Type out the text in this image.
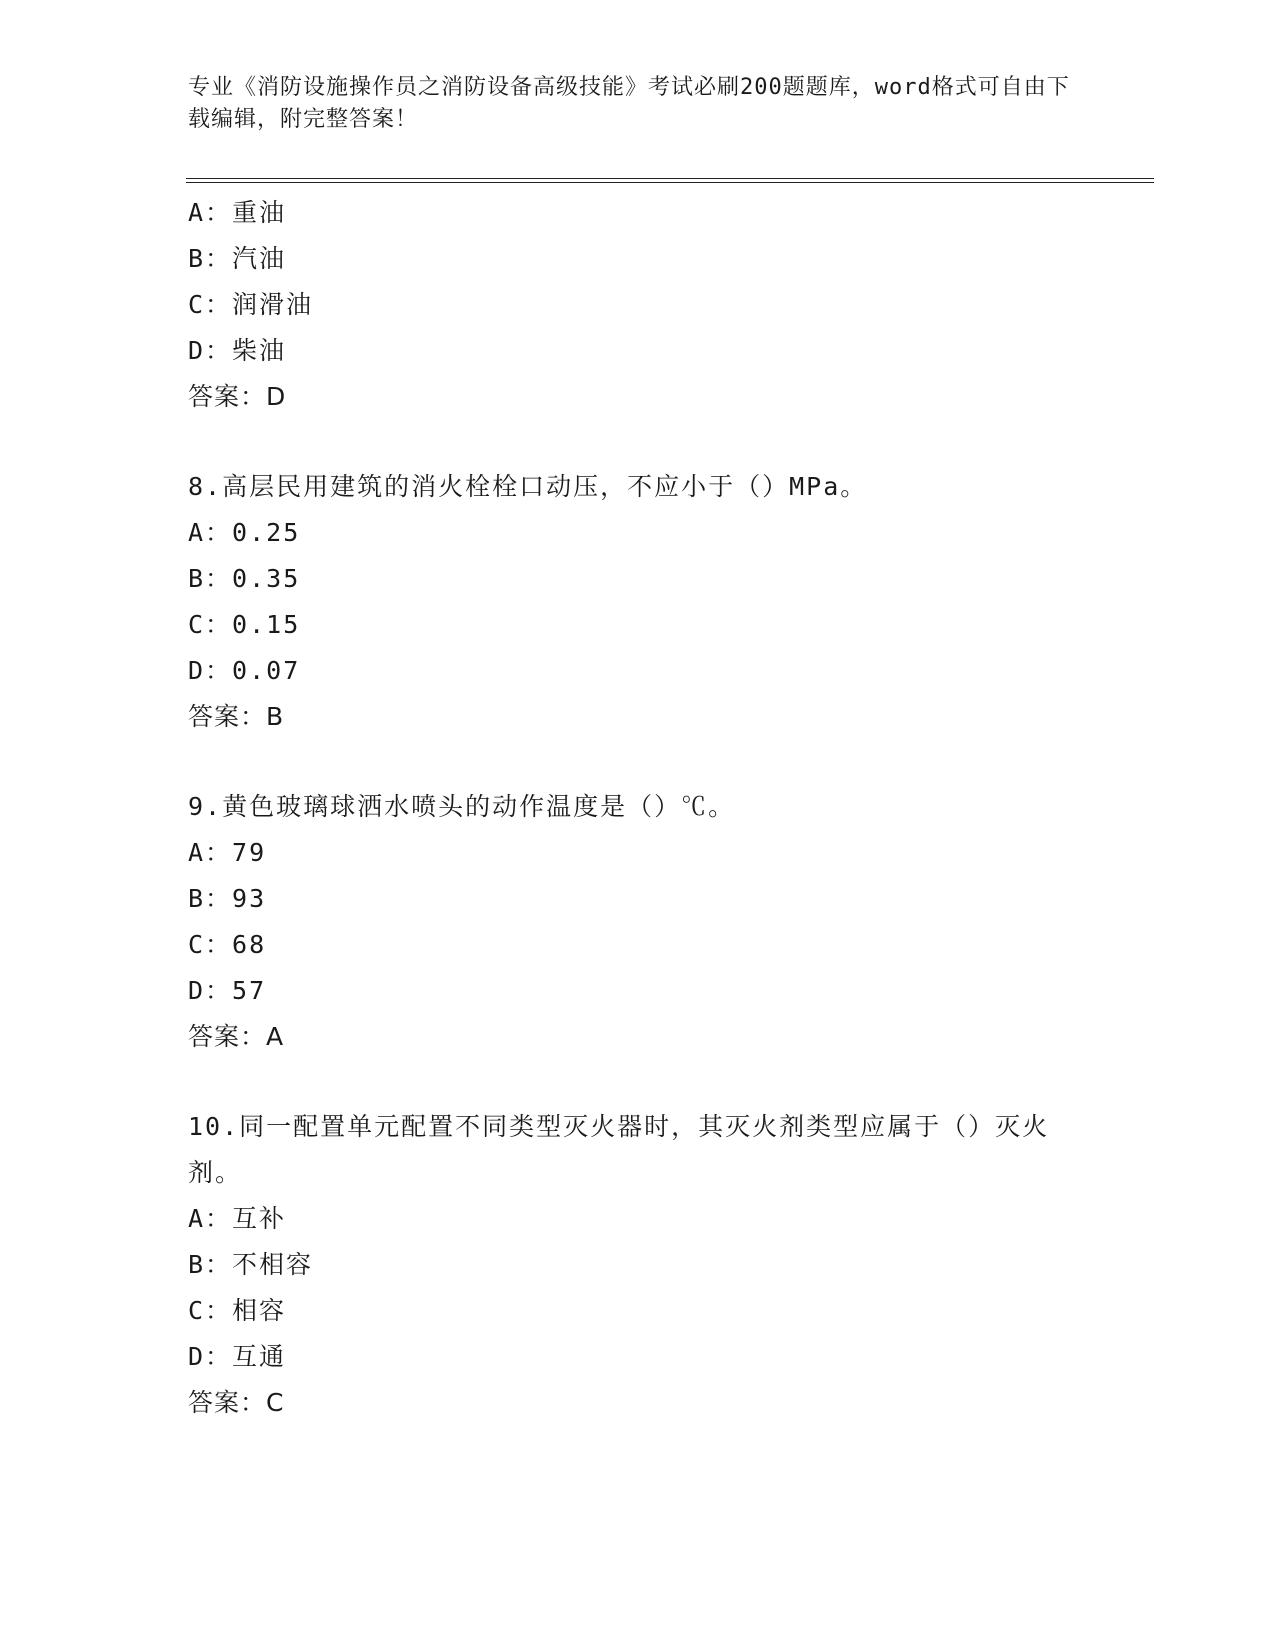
专业《消防设施操作员之消防设备高级技能》考试必刷200题题库，word格式可自由下载编辑，附完整答案！
A：重油
B：汽油
C：润滑油
D：柴油
答案：D
8.高层民用建筑的消火栓栓口动压，不应小于（）MPa。
A：0.25
B：0.35
C：0.15
D：0.07
答案：B
9.黄色玻璃球洒水喷头的动作温度是（）℃。
A：79
B：93
C：68
D：57
答案：A
10.同一配置单元配置不同类型灭火器时，其灭火剂类型应属于（）灭火剂。
A：互补
B：不相容
C：相容
D：互通
答案：C
